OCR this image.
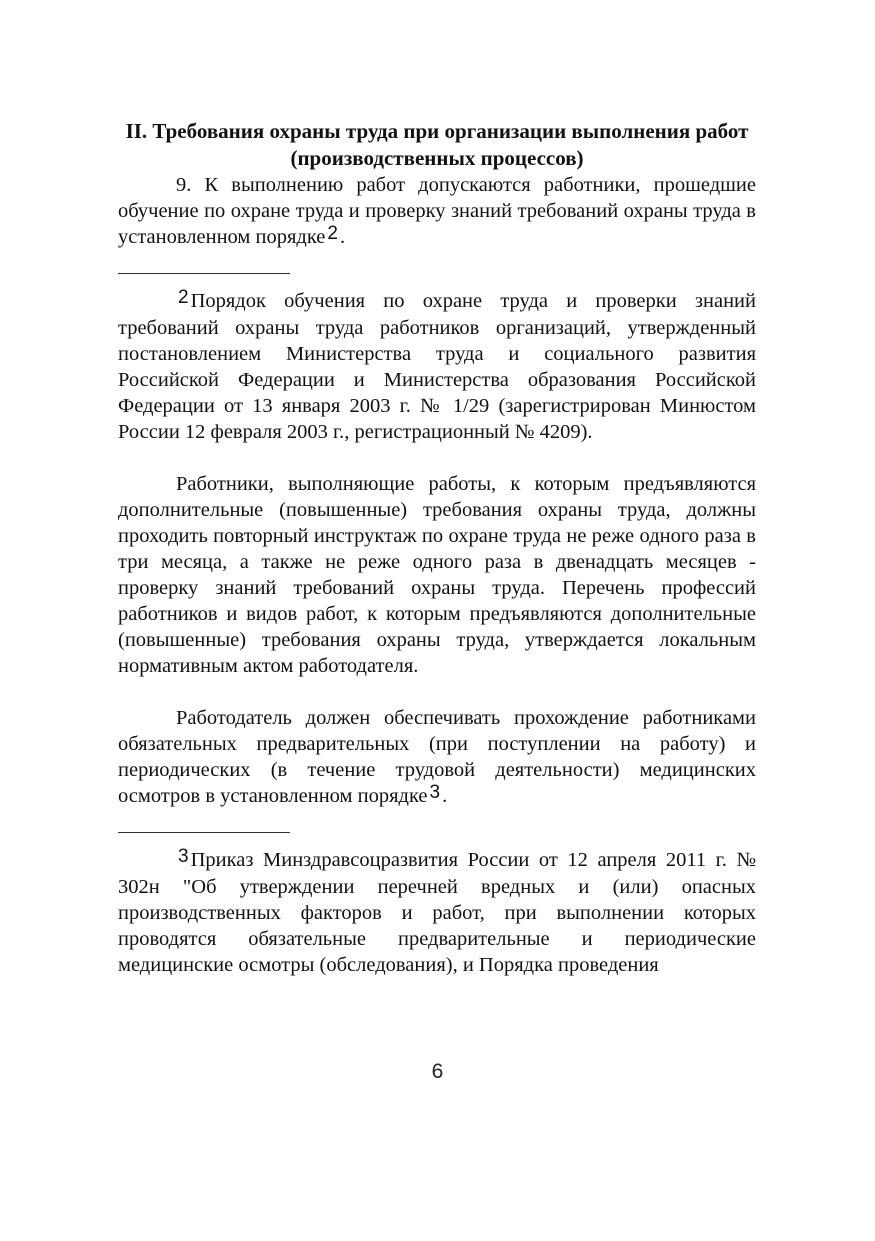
II. Требования охраны труда при организации выполнения работ (производственных процессов)

9. К выполнению работ допускаются работники, прошедшие обучение по охране труда и проверку знаний требований охраны труда в установленном порядке 2.

2Порядок обучения по охране труда и проверки знаний требований охраны труда работников организаций, утвержденный постановлением Министерства труда и социального развития Российской Федерации и Министерства образования Российской Федерации от 13 января 2003 г. № 1/29 (зарегистрирован Минюстом России 12 февраля 2003 г., регистрационный № 4209).

Работники, выполняющие работы, к которым предъявляются дополнительные (повышенные) требования охраны труда, должны проходить повторный инструктаж по охране труда не реже одного раза в три месяца, а также не реже одного раза в двенадцать месяцев - проверку знаний требований охраны труда. Перечень профессий работников и видов работ, к которым предъявляются дополнительные (повышенные) требования охраны труда, утверждается локальным нормативным актом работодателя.

Работодатель должен обеспечивать прохождение работниками обязательных предварительных (при поступлении на работу) и периодических (в течение трудовой деятельности) медицинских осмотров в установленном порядке 3.

3Приказ Минздравсоцразвития России от 12 апреля 2011 г. № 302н "Об утверждении перечней вредных и (или) опасных производственных факторов и работ, при выполнении которых проводятся обязательные предварительные и периодические медицинские осмотры (обследования), и Порядка проведения

6
